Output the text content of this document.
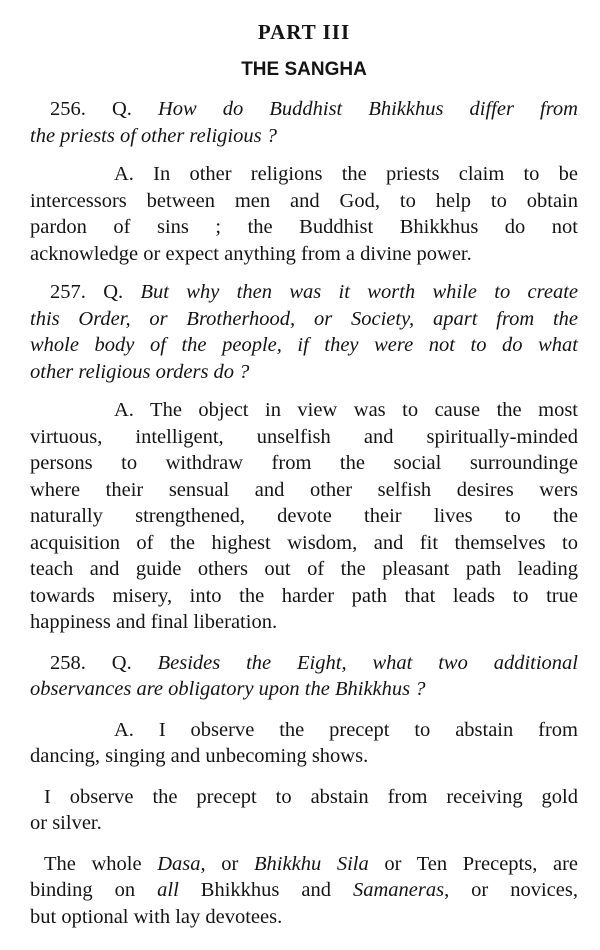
PART III
THE SANGHA
256. Q. How do Buddhist Bhikkhus differ from
the priests of other religious ?
A. In other religions the priests claim to be
intercessors between men and God, to help to obtain
pardon of sins ; the Buddhist Bhikkhus do not
acknowledge or expect anything from a divine power.
257. Q. But why then was it worth while to create
this Order, or Brotherhood, or Society, apart from the
whole body of the people, if they were not to do what
other religious orders do ?
A. The object in view was to cause the most
virtuous, intelligent, unselfish and spiritually-minded
persons to withdraw from the social surroundinge
where their sensual and other selfish desires wers
naturally strengthened, devote their lives to the
acquisition of the highest wisdom, and fit themselves to
teach and guide others out of the pleasant path leading
towards misery, into the harder path that leads to true
happiness and final liberation.
258. Q. Besides the Eight, what two additional
observances are obligatory upon the Bhikkhus ?
A. I observe the precept to abstain from
dancing, singing and unbecoming shows.
I observe the precept to abstain from receiving gold
or silver.
The whole Dasa, or Bhikkhu Sila or Ten Precepts, are
binding on all Bhikkhus and Samaneras, or novices,
but optional with lay devotees.
